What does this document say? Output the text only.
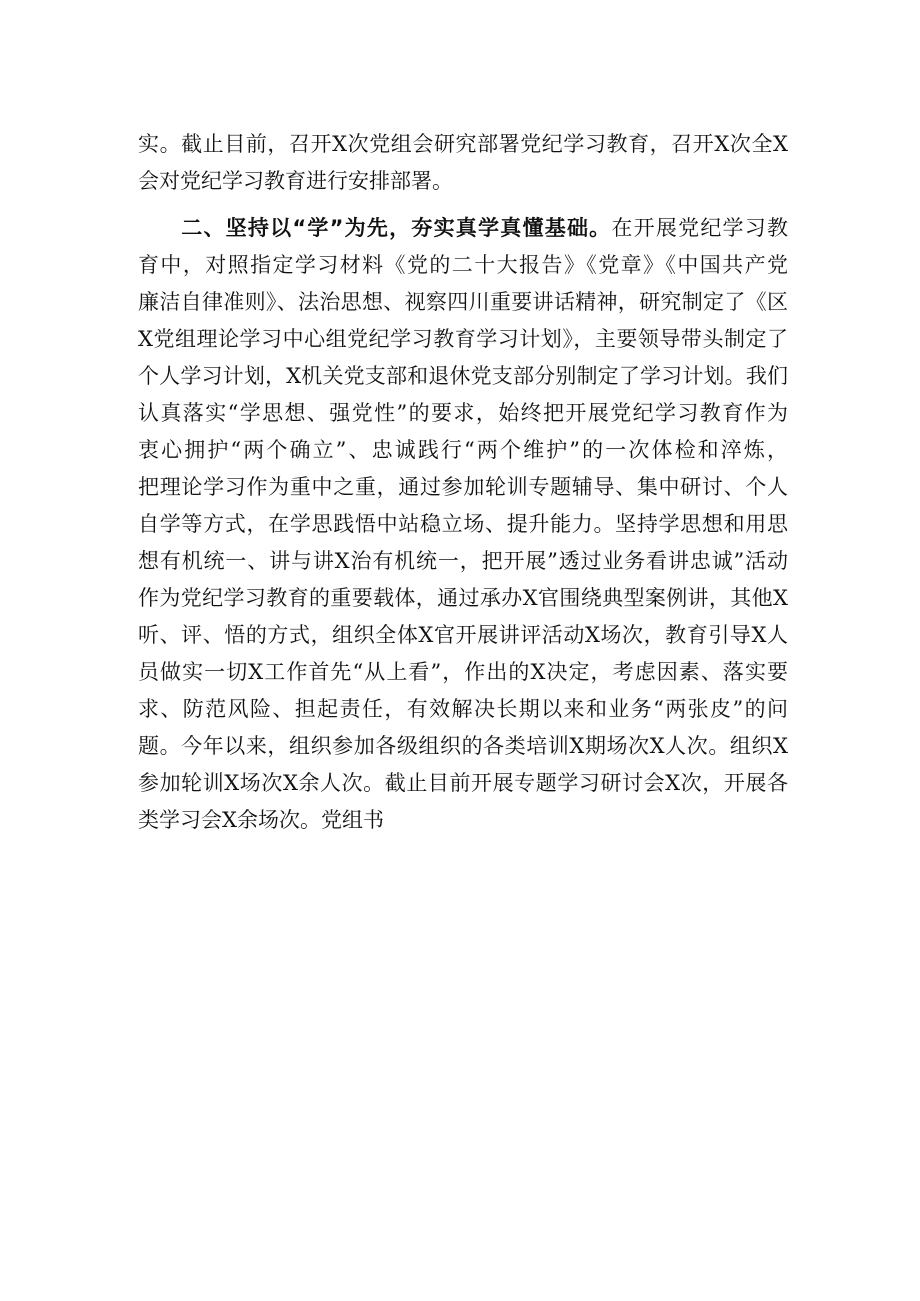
实。截止目前，召开X次党组会研究部署党纪学习教育，召开X次全X
会对党纪学习教育进行安排部署。
二、坚持以“学”为先，夯实真学真懂基础。在开展党纪学习教
育中，对照指定学习材料《党的二十大报告》《党章》《中国共产党
廉洁自律准则》、法治思想、视察四川重要讲话精神，研究制定了《区
X党组理论学习中心组党纪学习教育学习计划》，主要领导带头制定了
个人学习计划，X机关党支部和退休党支部分别制定了学习计划。我们
认真落实“学思想、强党性”的要求，始终把开展党纪学习教育作为
衷心拥护“两个确立”、忠诚践行“两个维护”的一次体检和淬炼，
把理论学习作为重中之重，通过参加轮训专题辅导、集中研讨、个人
自学等方式，在学思践悟中站稳立场、提升能力。坚持学思想和用思
想有机统一、讲与讲X治有机统一，把开展”透过业务看讲忠诚”活动
作为党纪学习教育的重要载体，通过承办X官围绕典型案例讲，其他X
听、评、悟的方式，组织全体X官开展讲评活动X场次，教育引导X人
员做实一切X工作首先“从上看”，作出的X决定，考虑因素、落实要
求、防范风险、担起责任，有效解决长期以来和业务“两张皮”的问
题。今年以来，组织参加各级组织的各类培训X期场次X人次。组织X
参加轮训X场次X余人次。截止目前开展专题学习研讨会X次，开展各
类学习会X余场次。党组书
